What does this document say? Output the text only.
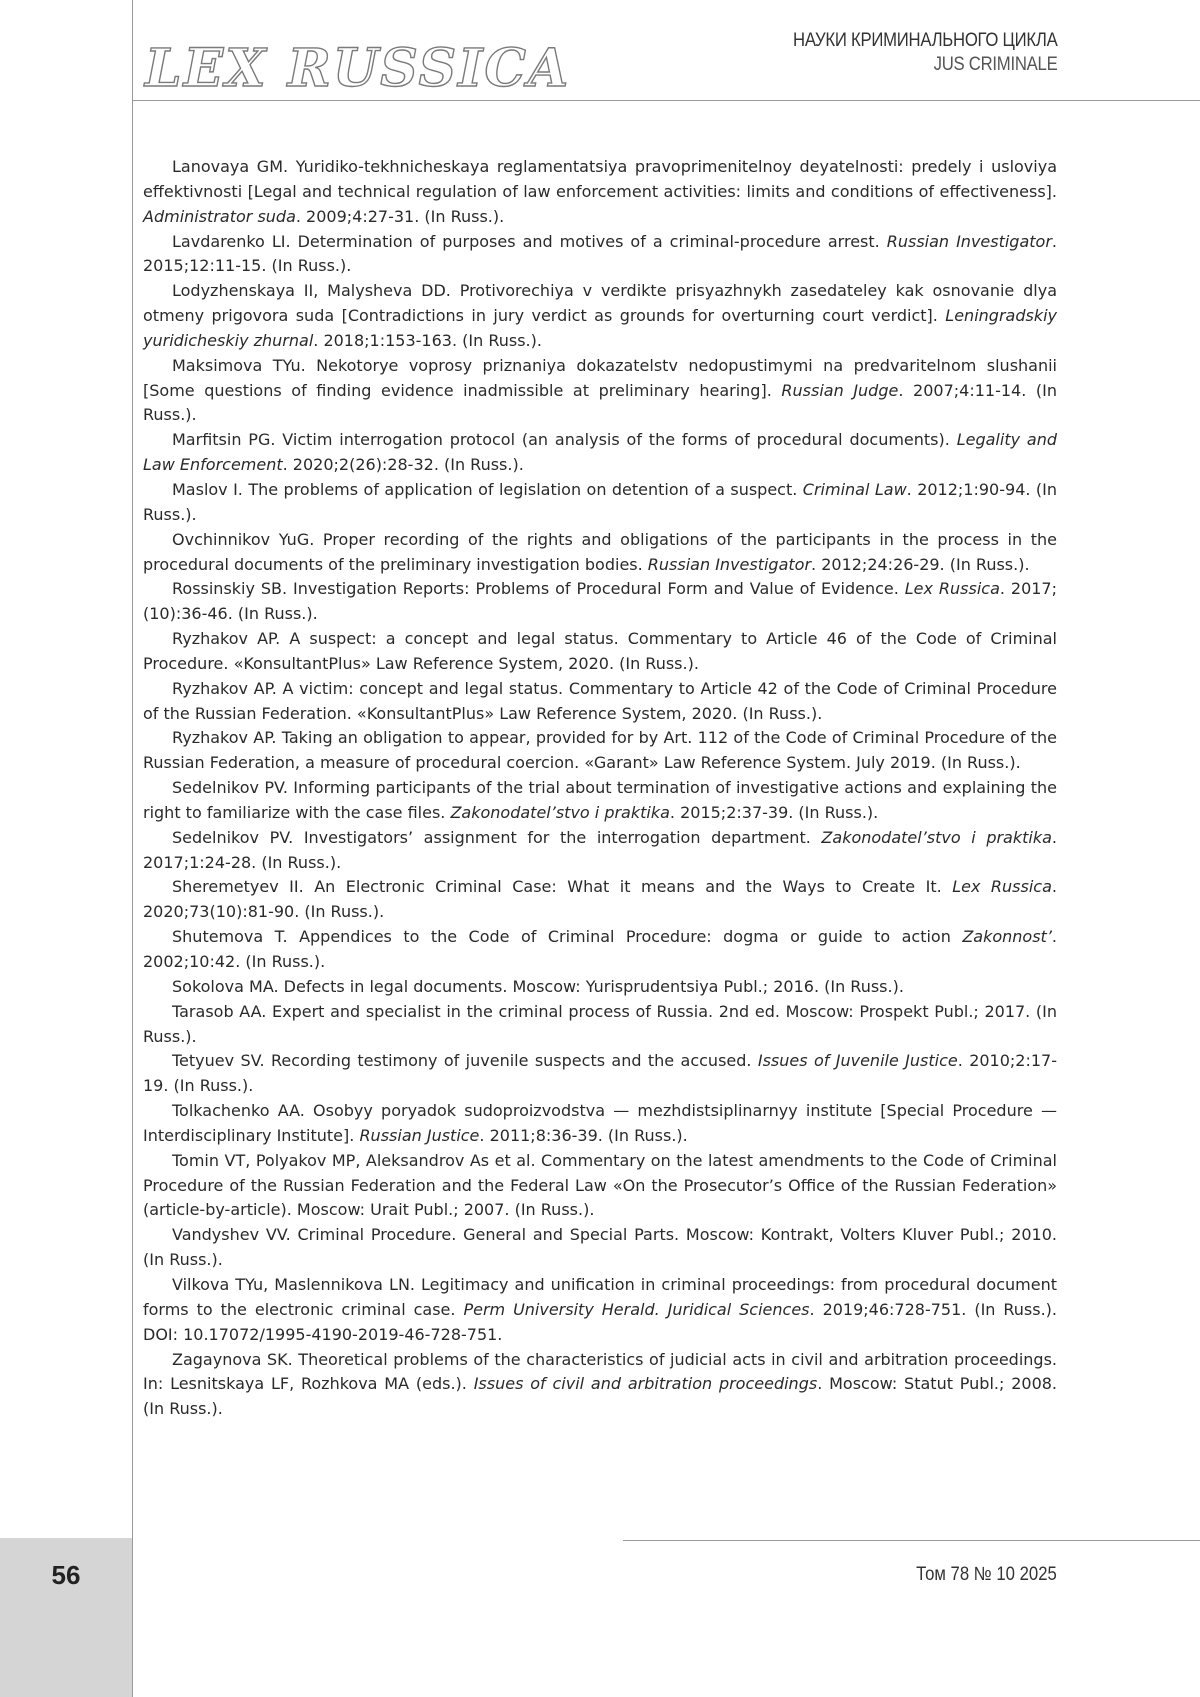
LEX RUSSICA	НАУКИ КРИМИНАЛЬНОГО ЦИКЛА
JUS CRIMINALE

Lanovaya GM. Yuridiko-tekhnicheskaya reglamentatsiya pravoprimenitelnoy deyatelnosti: predely i usloviya effektivnosti [Legal and technical regulation of law enforcement activities: limits and conditions of effectiveness]. Administrator suda. 2009;4:27-31. (In Russ.).

Lavdarenko LI. Determination of purposes and motives of a criminal-procedure arrest. Russian Investigator. 2015;12:11-15. (In Russ.).

Lodyzhenskaya II, Malysheva DD. Protivorechiya v verdikte prisyazhnykh zasedateley kak osnovanie dlya otmeny prigovora suda [Contradictions in jury verdict as grounds for overturning court verdict]. Leningradskiy yuridicheskiy zhurnal. 2018;1:153-163. (In Russ.).

Maksimova TYu. Nekotorye voprosy priznaniya dokazatelstv nedopustimymi na predvaritelnom slushanii [Some questions of finding evidence inadmissible at preliminary hearing]. Russian Judge. 2007;4:11-14. (In Russ.).

Marfitsin PG. Victim interrogation protocol (an analysis of the forms of procedural documents). Legality and Law Enforcement. 2020;2(26):28-32. (In Russ.).

Maslov I. The problems of application of legislation on detention of a suspect. Criminal Law. 2012;1:90-94. (In Russ.).

Ovchinnikov YuG. Proper recording of the rights and obligations of the participants in the process in the procedural documents of the preliminary investigation bodies. Russian Investigator. 2012;24:26-29. (In Russ.).

Rossinskiy SB. Investigation Reports: Problems of Procedural Form and Value of Evidence. Lex Russica. 2017;(10):36-46. (In Russ.).

Ryzhakov AP. A suspect: a concept and legal status. Commentary to Article 46 of the Code of Criminal Procedure. «KonsultantPlus» Law Reference System, 2020. (In Russ.).

Ryzhakov AP. A victim: concept and legal status. Commentary to Article 42 of the Code of Criminal Procedure of the Russian Federation. «KonsultantPlus» Law Reference System, 2020. (In Russ.).

Ryzhakov AP. Taking an obligation to appear, provided for by Art. 112 of the Code of Criminal Procedure of the Russian Federation, a measure of procedural coercion. «Garant» Law Reference System. July 2019. (In Russ.).

Sedelnikov PV. Informing participants of the trial about termination of investigative actions and explaining the right to familiarize with the case files. Zakonodatel’stvo i praktika. 2015;2:37-39. (In Russ.).

Sedelnikov PV. Investigators’ assignment for the interrogation department. Zakonodatel’stvo i praktika. 2017;1:24-28. (In Russ.).

Sheremetyev II. An Electronic Criminal Case: What it means and the Ways to Create It. Lex Russica. 2020;73(10):81-90. (In Russ.).

Shutemova T. Appendices to the Code of Criminal Procedure: dogma or guide to action Zakonnost’. 2002;10:42. (In Russ.).

Sokolova MA. Defects in legal documents. Moscow: Yurisprudentsiya Publ.; 2016. (In Russ.).

Tarasob AA. Expert and specialist in the criminal process of Russia. 2nd ed. Moscow: Prospekt Publ.; 2017. (In Russ.).

Tetyuev SV. Recording testimony of juvenile suspects and the accused. Issues of Juvenile Justice. 2010;2:17-19. (In Russ.).

Tolkachenko AA. Osobyy poryadok sudoproizvodstva — mezhdistsiplinarnyy institute [Special Procedure — Interdisciplinary Institute]. Russian Justice. 2011;8:36-39. (In Russ.).

Tomin VT, Polyakov MP, Aleksandrov As et al. Commentary on the latest amendments to the Code of Criminal Procedure of the Russian Federation and the Federal Law «On the Prosecutor’s Office of the Russian Federation» (article-by-article). Moscow: Urait Publ.; 2007. (In Russ.).

Vandyshev VV. Criminal Procedure. General and Special Parts. Moscow: Kontrakt, Volters Kluver Publ.; 2010. (In Russ.).

Vilkova TYu, Maslennikova LN. Legitimacy and unification in criminal proceedings: from procedural document forms to the electronic criminal case. Perm University Herald. Juridical Sciences. 2019;46:728-751. (In Russ.). DOI: 10.17072/1995-4190-2019-46-728-751.

Zagaynova SK. Theoretical problems of the characteristics of judicial acts in civil and arbitration proceedings. In: Lesnitskaya LF, Rozhkova MA (eds.). Issues of civil and arbitration proceedings. Moscow: Statut Publ.; 2008. (In Russ.).

56	Том 78 № 10 2025
